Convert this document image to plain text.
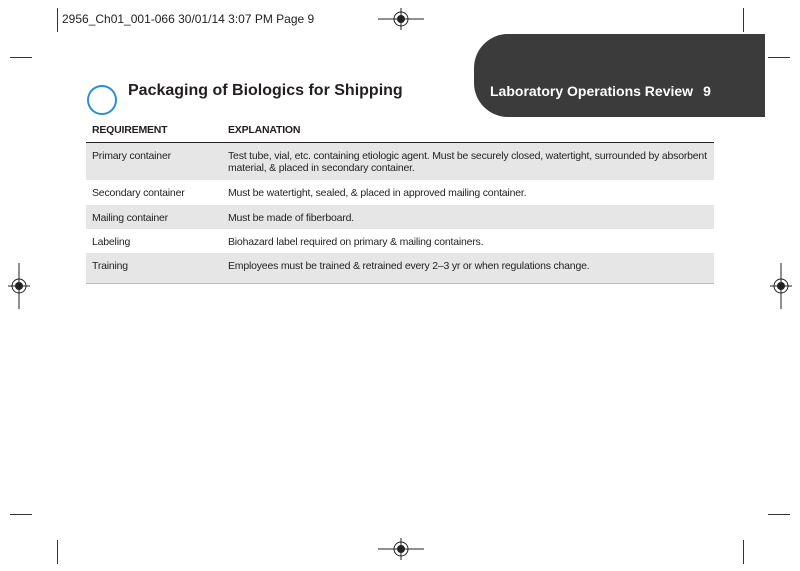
2956_Ch01_001-066 30/01/14 3:07 PM Page 9
Laboratory Operations Review 9
Packaging of Biologics for Shipping
REQUIREMENT	EXPLANATION
Primary container	Test tube, vial, etc. containing etiologic agent. Must be securely closed, watertight, surrounded by absorbent material, & placed in secondary container.
Secondary container	Must be watertight, sealed, & placed in approved mailing container.
Mailing container	Must be made of fiberboard.
Labeling	Biohazard label required on primary & mailing containers.
Training	Employees must be trained & retrained every 2–3 yr or when regulations change.
